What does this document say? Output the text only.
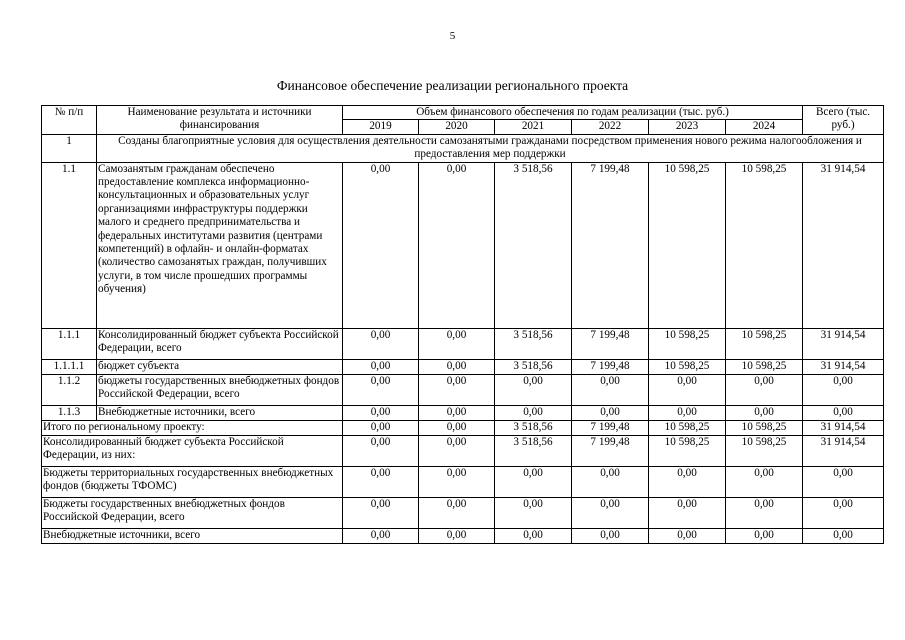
5
Финансовое обеспечение реализации регионального проекта
№ п/п	Наименование результата и источники финансирования	Объем финансового обеспечения по годам реализации (тыс. руб.)						Всего (тыс. руб.)
		2019	2020	2021	2022	2023	2024	
1	Созданы благоприятные условия для осуществления деятельности самозанятыми гражданами посредством применения нового режима налогообложения и предоставления мер поддержки							
1.1	Самозанятым гражданам обеспечено предоставление комплекса информационно-консультационных и образовательных услуг организациями инфраструктуры поддержки малого и среднего предпринимательства и федеральных институтами развития (центрами компетенций) в офлайн- и онлайн-форматах (количество самозанятых граждан, получивших услуги, в том числе прошедших программы обучения)	0,00	0,00	3 518,56	7 199,48	10 598,25	10 598,25	31 914,54
1.1.1	Консолидированный бюджет субъекта Российской Федерации, всего	0,00	0,00	3 518,56	7 199,48	10 598,25	10 598,25	31 914,54
1.1.1.1	бюджет субъекта	0,00	0,00	3 518,56	7 199,48	10 598,25	10 598,25	31 914,54
1.1.2	бюджеты государственных внебюджетных фондов Российской Федерации, всего	0,00	0,00	0,00	0,00	0,00	0,00	0,00
1.1.3	Внебюджетные источники, всего	0,00	0,00	0,00	0,00	0,00	0,00	0,00
Итого по региональному проекту:		0,00	0,00	3 518,56	7 199,48	10 598,25	10 598,25	31 914,54
Консолидированный бюджет субъекта Российской Федерации, из них:		0,00	0,00	3 518,56	7 199,48	10 598,25	10 598,25	31 914,54
Бюджеты территориальных государственных внебюджетных фондов (бюджеты ТФОМС)		0,00	0,00	0,00	0,00	0,00	0,00	0,00
Бюджеты государственных внебюджетных фондов Российской Федерации, всего		0,00	0,00	0,00	0,00	0,00	0,00	0,00
Внебюджетные источники, всего		0,00	0,00	0,00	0,00	0,00	0,00	0,00
